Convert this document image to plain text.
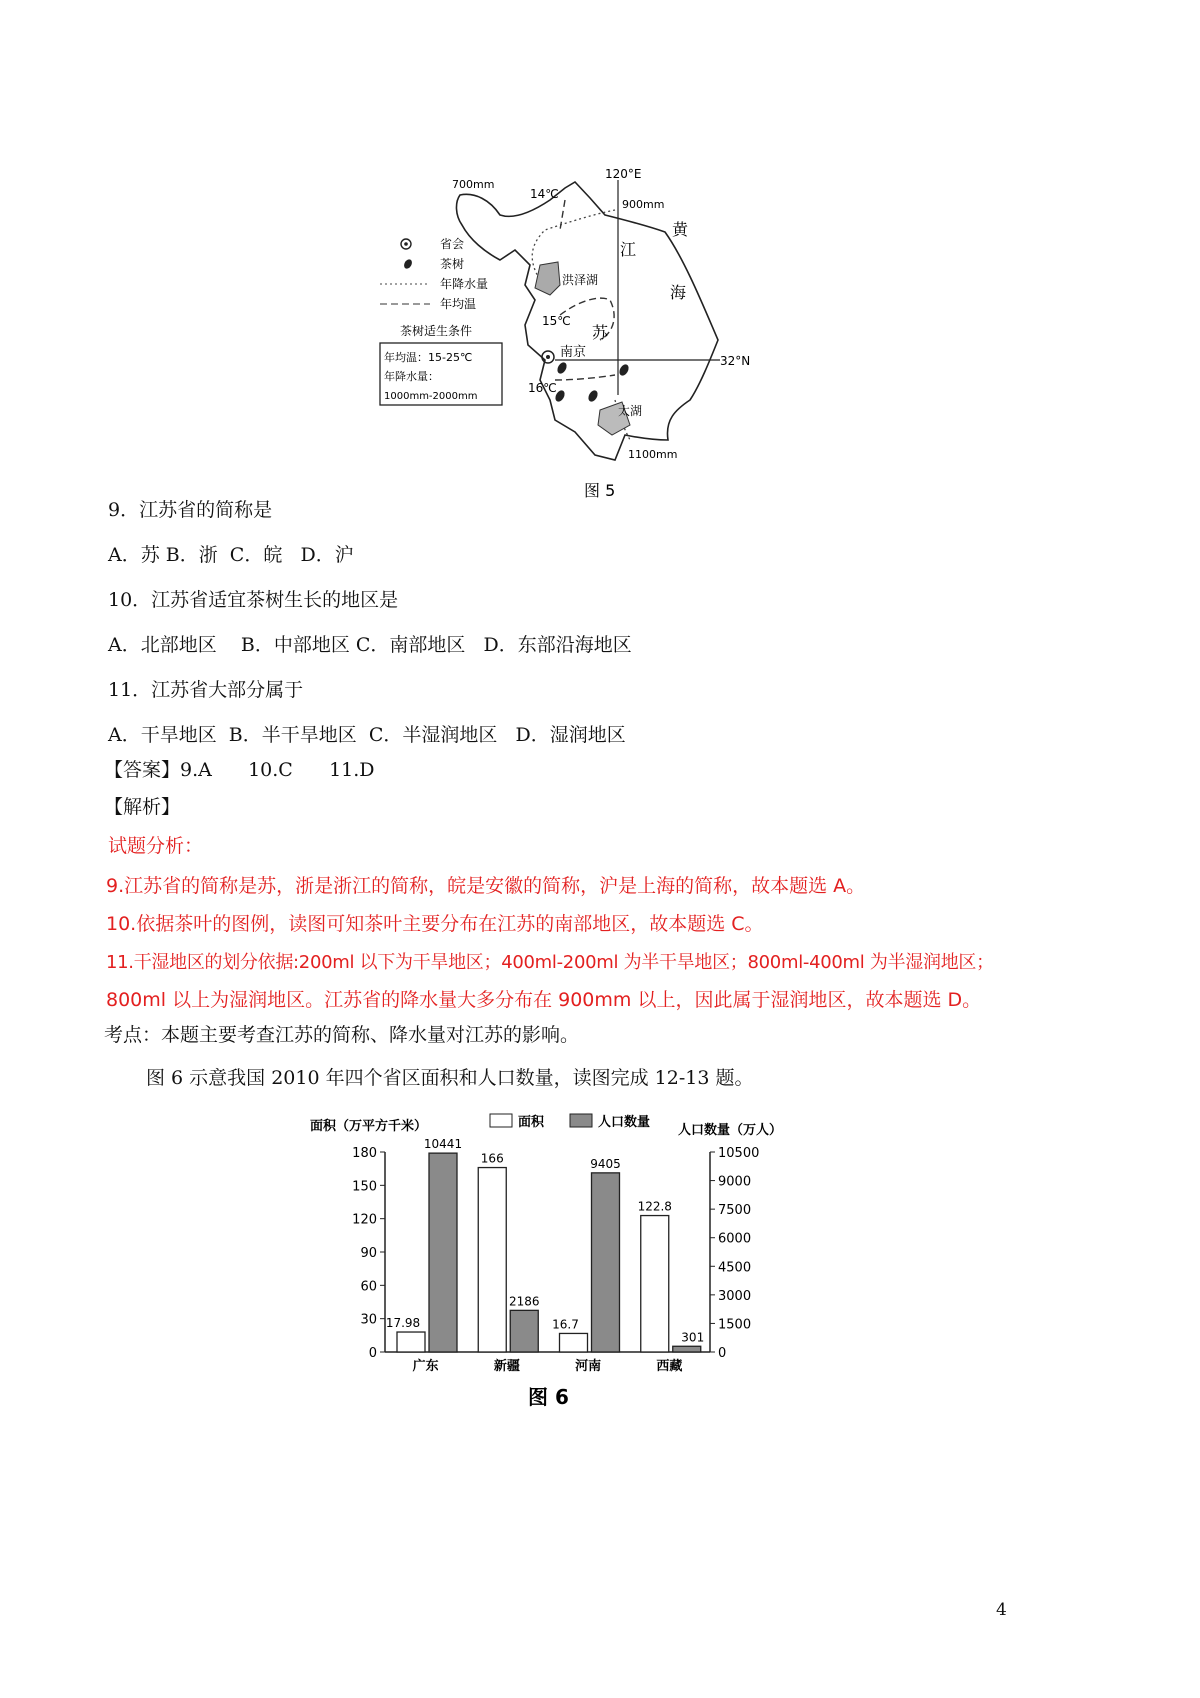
120°E
32°N
700mm
900mm
1100mm
14℃
15℃
16℃
江
苏
黄
海
洪泽湖
南京
太湖
省会
茶树
年降水量
年均温
茶树适生条件
年均温：15-25℃
年降水量：
1000mm-2000mm
图 5
9．江苏省的简称是
A．苏 B．浙  C．皖   D．沪
10．江苏省适宜茶树生长的地区是
A．北部地区    B．中部地区 C．南部地区   D．东部沿海地区
11．江苏省大部分属于
A．干旱地区  B．半干旱地区  C．半湿润地区   D．湿润地区
【答案】9.A      10.C      11.D
【解析】
试题分析：
9.江苏省的简称是苏，浙是浙江的简称，皖是安徽的简称，沪是上海的简称，故本题选 A。
10.依据茶叶的图例，读图可知茶叶主要分布在江苏的南部地区，故本题选 C。
11.干湿地区的划分依据:200ml 以下为干旱地区；400ml-200ml 为半干旱地区；800ml-400ml 为半湿润地区；
800ml 以上为湿润地区。江苏省的降水量大多分布在 900mm 以上，因此属于湿润地区，故本题选 D。
考点：本题主要考查江苏的简称、降水量对江苏的影响。
图 6 示意我国 2010 年四个省区面积和人口数量，读图完成 12-13 题。
0
30
60
90
120
150
180
0
1500
3000
4500
6000
7500
9000
10500
面积（万平方千米）	人口数量（万人）
面积	人口数量
17.98
10441
广东
166
2186
新疆
16.7
9405
河南
122.8
301
西藏
图 6
4
